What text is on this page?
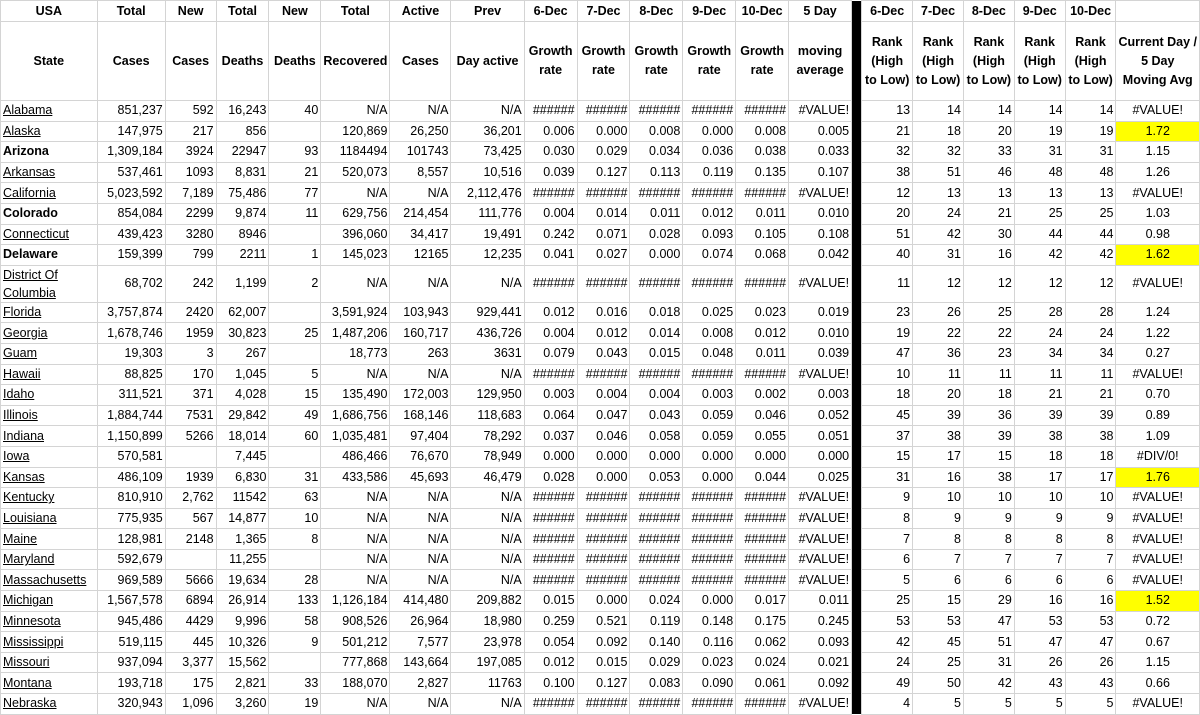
USA	Total	New	Total	New	Total	Active	Prev	6-Dec	7-Dec	8-Dec	9-Dec	10-Dec	5 Day		6-Dec	7-Dec	8-Dec	9-Dec	10-Dec	
State	Cases	Cases	Deaths	Deaths	Recovered	Cases	Day active	Growth rate	Growth rate	Growth rate	Growth rate	Growth rate	moving average		Rank (High to Low)	Rank (High to Low)	Rank (High to Low)	Rank (High to Low)	Rank (High to Low)	Current Day / 5 Day Moving Avg
Alabama	851,237	592	16,243	40	N/A	N/A	N/A	######	######	######	######	######	#VALUE!		13	14	14	14	14	#VALUE!
Alaska	147,975	217	856		120,869	26,250	36,201	0.006	0.000	0.008	0.000	0.008	0.005		21	18	20	19	19	1.72
Arizona	1,309,184	3924	22947	93	1184494	101743	73,425	0.030	0.029	0.034	0.036	0.038	0.033		32	32	33	31	31	1.15
Arkansas	537,461	1093	8,831	21	520,073	8,557	10,516	0.039	0.127	0.113	0.119	0.135	0.107		38	51	46	48	48	1.26
California	5,023,592	7,189	75,486	77	N/A	N/A	2,112,476	######	######	######	######	######	#VALUE!		12	13	13	13	13	#VALUE!
Colorado	854,084	2299	9,874	11	629,756	214,454	111,776	0.004	0.014	0.011	0.012	0.011	0.010		20	24	21	25	25	1.03
Connecticut	439,423	3280	8946		396,060	34,417	19,491	0.242	0.071	0.028	0.093	0.105	0.108		51	42	30	44	44	0.98
Delaware	159,399	799	2211	1	145,023	12165	12,235	0.041	0.027	0.000	0.074	0.068	0.042		40	31	16	42	42	1.62
District Of Columbia	68,702	242	1,199	2	N/A	N/A	N/A	######	######	######	######	######	#VALUE!		11	12	12	12	12	#VALUE!
Florida	3,757,874	2420	62,007		3,591,924	103,943	929,441	0.012	0.016	0.018	0.025	0.023	0.019		23	26	25	28	28	1.24
Georgia	1,678,746	1959	30,823	25	1,487,206	160,717	436,726	0.004	0.012	0.014	0.008	0.012	0.010		19	22	22	24	24	1.22
Guam	19,303	3	267		18,773	263	3631	0.079	0.043	0.015	0.048	0.011	0.039		47	36	23	34	34	0.27
Hawaii	88,825	170	1,045	5	N/A	N/A	N/A	######	######	######	######	######	#VALUE!		10	11	11	11	11	#VALUE!
Idaho	311,521	371	4,028	15	135,490	172,003	129,950	0.003	0.004	0.004	0.003	0.002	0.003		18	20	18	21	21	0.70
Illinois	1,884,744	7531	29,842	49	1,686,756	168,146	118,683	0.064	0.047	0.043	0.059	0.046	0.052		45	39	36	39	39	0.89
Indiana	1,150,899	5266	18,014	60	1,035,481	97,404	78,292	0.037	0.046	0.058	0.059	0.055	0.051		37	38	39	38	38	1.09
Iowa	570,581		7,445		486,466	76,670	78,949	0.000	0.000	0.000	0.000	0.000	0.000		15	17	15	18	18	#DIV/0!
Kansas	486,109	1939	6,830	31	433,586	45,693	46,479	0.028	0.000	0.053	0.000	0.044	0.025		31	16	38	17	17	1.76
Kentucky	810,910	2,762	11542	63	N/A	N/A	N/A	######	######	######	######	######	#VALUE!		9	10	10	10	10	#VALUE!
Louisiana	775,935	567	14,877	10	N/A	N/A	N/A	######	######	######	######	######	#VALUE!		8	9	9	9	9	#VALUE!
Maine	128,981	2148	1,365	8	N/A	N/A	N/A	######	######	######	######	######	#VALUE!		7	8	8	8	8	#VALUE!
Maryland	592,679		11,255		N/A	N/A	N/A	######	######	######	######	######	#VALUE!		6	7	7	7	7	#VALUE!
Massachusetts	969,589	5666	19,634	28	N/A	N/A	N/A	######	######	######	######	######	#VALUE!		5	6	6	6	6	#VALUE!
Michigan	1,567,578	6894	26,914	133	1,126,184	414,480	209,882	0.015	0.000	0.024	0.000	0.017	0.011		25	15	29	16	16	1.52
Minnesota	945,486	4429	9,996	58	908,526	26,964	18,980	0.259	0.521	0.119	0.148	0.175	0.245		53	53	47	53	53	0.72
Mississippi	519,115	445	10,326	9	501,212	7,577	23,978	0.054	0.092	0.140	0.116	0.062	0.093		42	45	51	47	47	0.67
Missouri	937,094	3,377	15,562		777,868	143,664	197,085	0.012	0.015	0.029	0.023	0.024	0.021		24	25	31	26	26	1.15
Montana	193,718	175	2,821	33	188,070	2,827	11763	0.100	0.127	0.083	0.090	0.061	0.092		49	50	42	43	43	0.66
Nebraska	320,943	1,096	3,260	19	N/A	N/A	N/A	######	######	######	######	######	#VALUE!		4	5	5	5	5	#VALUE!
